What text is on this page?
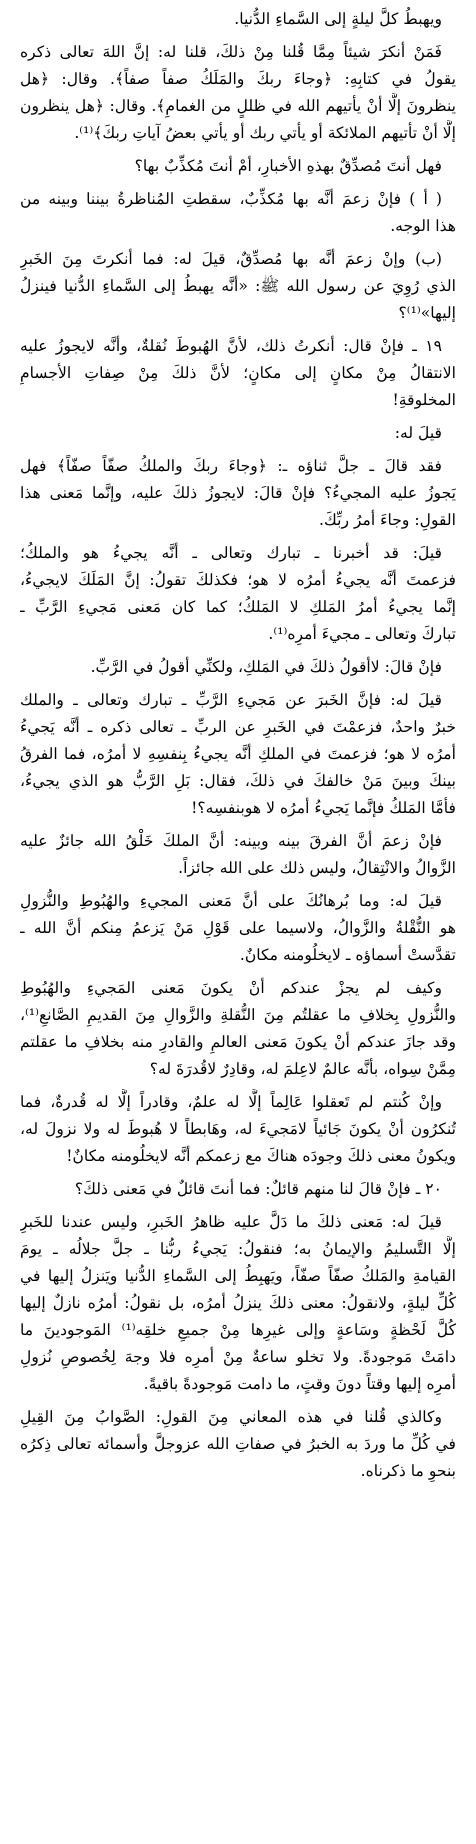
ويهبطُ كلَّ ليلةٍ إلى السَّماءِ الدُّنيا.
فَمَنْ أنكرَ شيئاً مِمَّا قُلنا مِنْ ذلكَ، قلنا له: إنَّ اللهَ تعالى ذكره
يقولُ في كتابِهِ: ﴿وجاءَ ربكَ والمَلَكُ صفاً صفاً﴾. وقال: ﴿هل
ينظرونَ إلَّا أنْ يأتيهم الله في ظللٍ من الغمامِ﴾. وقال: ﴿هل ينظرون
إلَّا أنْ تأتيهم الملائكة أو يأتي ربك أو يأتي بعضُ آياتِ ربكَ﴾⁽¹⁾.
فهل أنتَ مُصدِّقٌ بهذهِ الأخبارِ، أمْ أنتَ مُكذِّبٌ بها؟
( أ ) فإنْ زعمَ أنَّه بها مُكذِّبٌ، سقطتِ المُناظرةُ بيننا وبينه من
هذا الوجه.
(ب) وإنْ زعمَ أنَّه بها مُصدِّقٌ، قيلَ له: فما أنكرتَ مِنَ الخَبرِ
الذي رُوِيَ عن رسول الله ﷺ: «أنَّه يهبطُ إلى السَّماءِ الدُّنيا فينزلُ
إليها»⁽¹⁾؟
١٩ ـ فإنْ قال: أنكرتُ ذلك، لأنَّ الهُبوطَ نُقلةٌ، وأنَّه لايجوزُ عليه
الانتقالُ مِنْ مكانٍ إلى مكانٍ؛ لأنَّ ذلكَ مِنْ صِفاتِ الأجسامِ
المخلوقةِ!
قيلَ له:
فقد قالَ ـ جلَّ ثناؤه ـ: ﴿وجاءَ ربكَ والملكُ صفّاً صفّاً﴾ فهل
يَجوزُ عليه المجيءُ؟ فإنْ قالَ: لايجوزُ ذلكَ عليه، وإنَّما مَعنى هذا
القولِ: وجاءَ أمرُ ربِّكَ.
قيلَ: قد أخبرنا ـ تبارك وتعالى ـ أنَّه يجيءُ هو والملكُ؛
فزعمتَ أنَّه يجيءُ أمرُه لا هو؛ فكذلكَ تقولُ: إنَّ المَلَكَ لايجيءُ،
إنَّما يجيءُ أمرُ المَلكِ لا المَلكُ؛ كما كان مَعنى مَجيءِ الرَّبِّ ـ
تباركَ وتعالى ـ مجيءَ أمرِه⁽¹⁾.
فإنْ قالَ: لاأقولُ ذلكَ في المَلكِ، ولكنِّي أقولُ في الرَّبِّ.
قيلَ له: فإنَّ الخَبرَ عن مَجيءِ الرَّبِّ ـ تبارك وتعالى ـ والملك
خبرٌ واحدٌ، فزعمْتَ في الخَبرِ عن الربِّ ـ تعالى ذكره ـ أنَّه يَجيءُ
أمرُه لا هو؛ فزعمتَ في الملكِ أنَّه يجيءُ بِنفسِهِ لا أمرُه، فما الفرقُ
بينكَ وبينَ مَنْ خالفكَ في ذلكَ، فقال: بَلِ الرَّبُّ هو الذي يجيءُ،
فأمَّا المَلكُ فإنَّما يَجيءُ أمرُه لا هوبنفسِه؟!
فإنْ زعمَ أنَّ الفرقَ بينه وبينه: أنَّ الملكَ خَلْقُ الله جائزٌ عليه
الزَّوالُ والانْتِقالُ، وليس ذلك على الله جائزاً.
قيلَ له: وما بُرهانُكَ على أنَّ مَعنى المجيءِ والهُبُوطِ والنُّزولِ
هو النُّقْلةُ والزَّوالُ، ولاسيما على قَوْلِ مَنْ يَزعمُ مِنكم أنَّ الله ـ
تقدَّستْ أسماؤه ـ لايخلُومنه مكانٌ.
وكيف لم يجزْ عندكم أنْ يكونَ مَعنى المَجيءِ والهُبُوطِ
والنُّزولِ بِخلافِ ما عقلتُم مِنَ النُّقلةِ والزَّوالِ مِنَ القديمِ الصَّانعِ⁽¹⁾،
وقد جازَ عندكم أنْ يكونَ مَعنى العالمِ والقادرِ منه بخلافِ ما عقلتم
مِمَّنْ سِواه، بأنَّه عالمٌ لاعِلمَ له، وقادِرٌ لاقُدرَةَ له؟
وإنْ كُنتم لم تَعقلوا عَالِماً إلَّا له علمٌ، وقادراً إلَّا له قُدرةٌ، فما
تُنكرُون أنْ يكونَ جَائياً لامَجيءَ له، وهَابطاً لا هُبوطَ له ولا نزولَ له،
ويكونُ معنى ذلكَ وجودَه هناكَ مع زعمكم أنَّه لايخلُومنه مكانٌ!
٢٠ ـ فإنْ قالَ لنا منهم قائلٌ: فما أنتَ قائلٌ في مَعنى ذلكَ؟
قيلَ له: مَعنى ذلكَ ما دَلَّ عليه ظاهرُ الخَبرِ، وليس عندنا للخَبرِ
إلَّا التَّسليمُ والإيمانُ به؛ فنقولُ: يَجيءُ ربُّنا ـ جلَّ جلالُه ـ يومَ
القيامةِ والمَلكُ صفّاً صفّاً، ويَهبِطُ إلى السَّماءِ الدُّنيا ويَنزلُ إليها في
كُلِّ ليلةٍ، ولانقولُ: معنى ذلكَ ينزلُ أمرُه، بل نقولُ: أمرُه نازلٌ إليها
كُلَّ لَحْظةٍ وسَاعةٍ وإلى غيرِها مِنْ جميعِ خلقِه⁽¹⁾ المَوجودينَ ما
دامَتْ مَوجودةً. ولا تخلو ساعةٌ مِنْ أمرِه فلا وجهَ لِخُصوصِ نُزولِ
أمرِه إليها وقتاً دونَ وقتٍ، ما دامت مَوجودةً باقيةً.
وكالذي قُلنا في هذه المعاني مِنَ القولِ: الصَّوابُ مِنَ القِيلِ
في كُلِّ ما وردَ به الخبرُ في صفاتِ الله عزوجلَّ وأسمائه تعالى ذِكرُه
بنحوِ ما ذكرناه.
